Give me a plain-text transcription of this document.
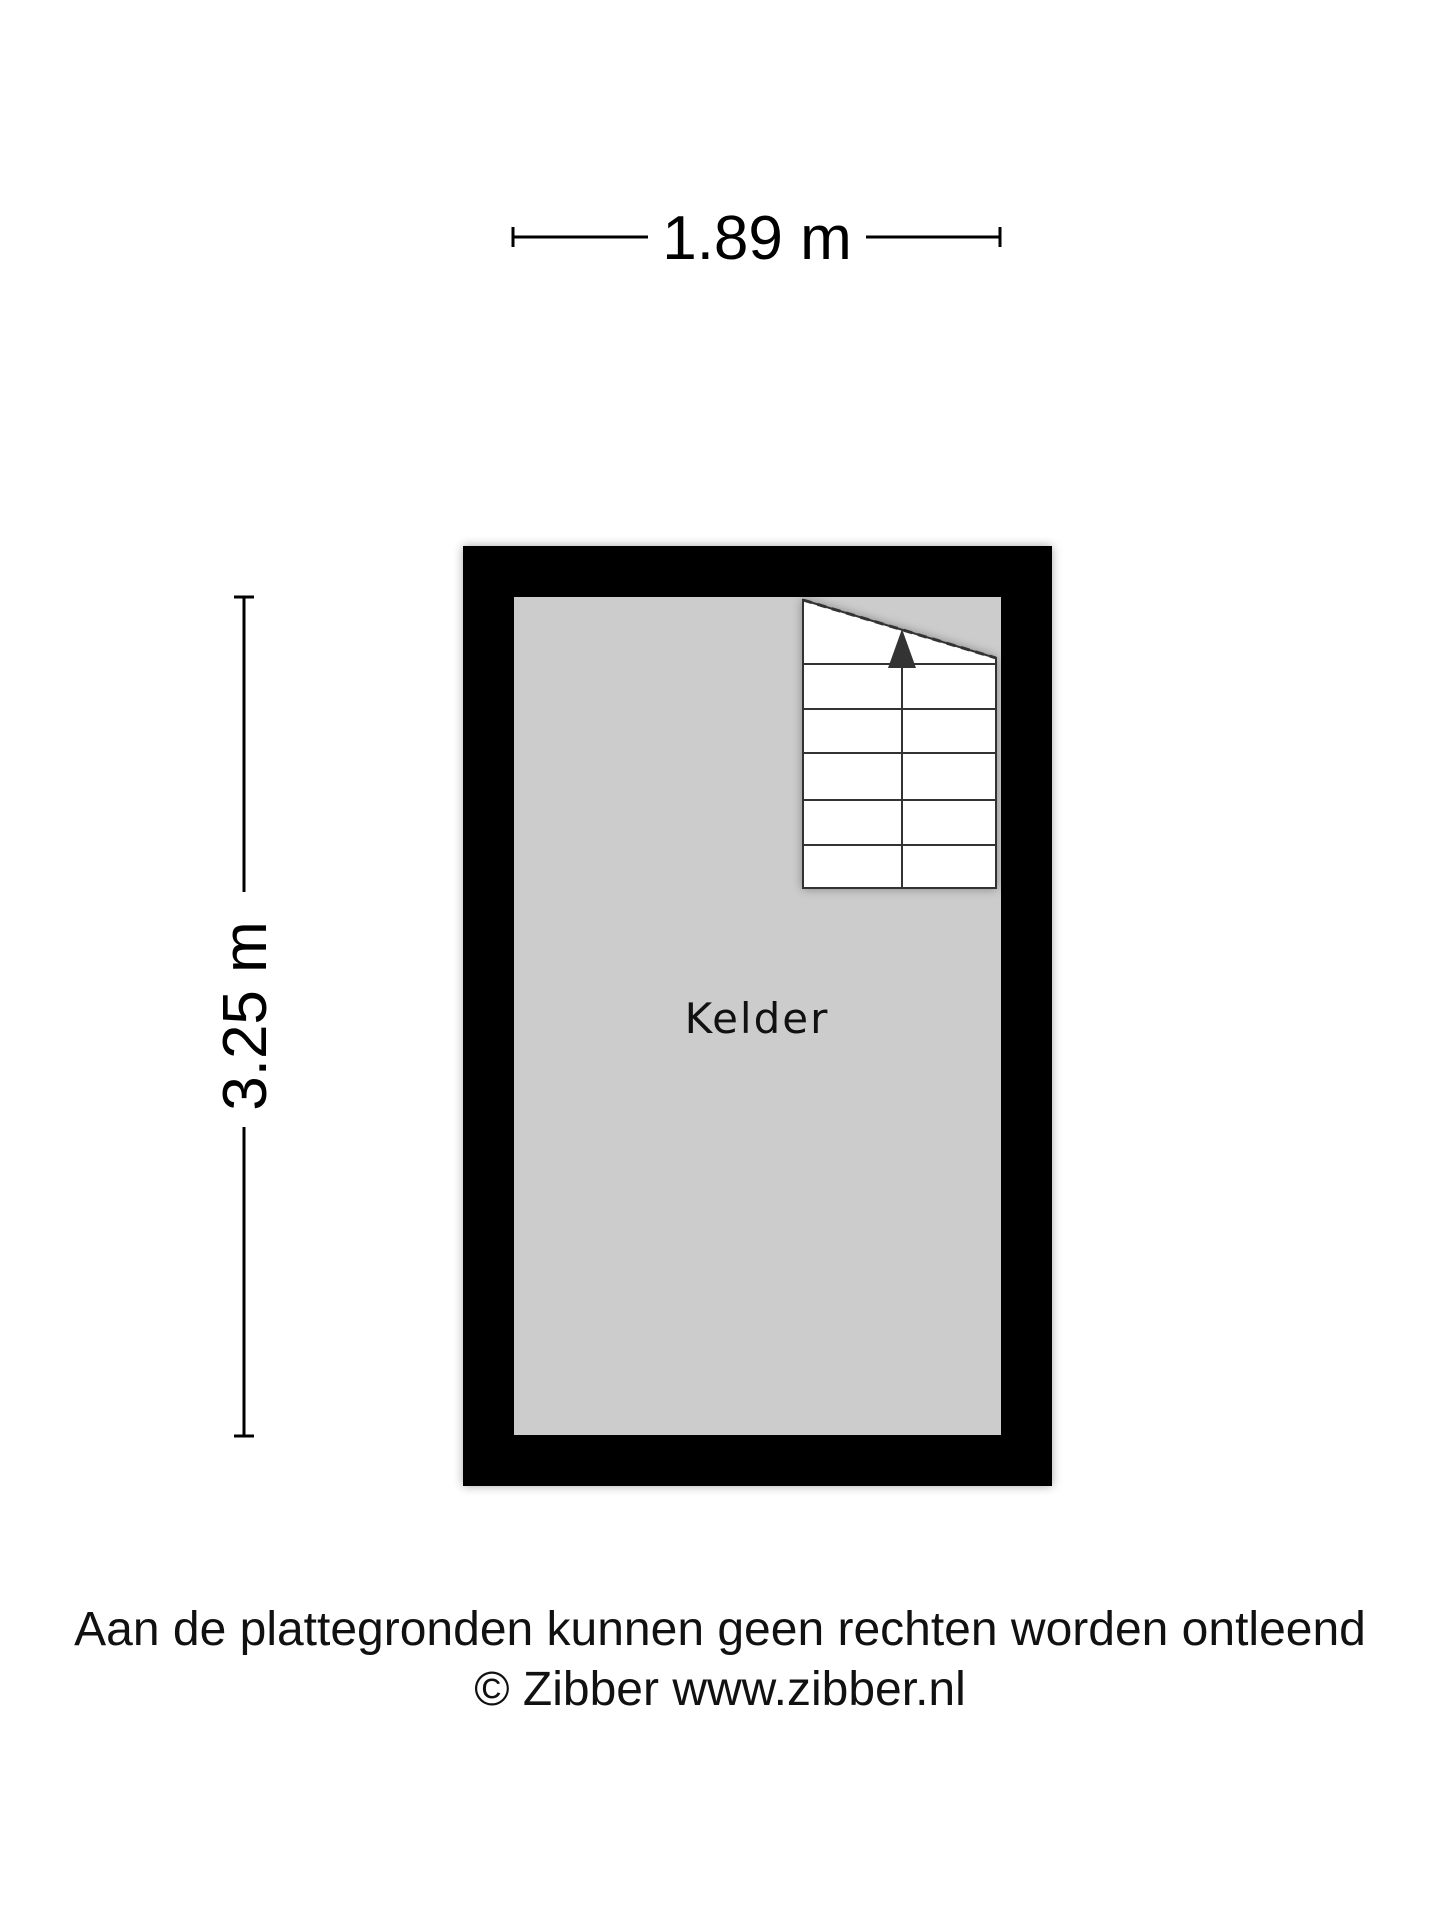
1.89 m
3.25 m	Kelder
Aan de plattegronden kunnen geen rechten worden ontleend
© Zibber www.zibber.nl
